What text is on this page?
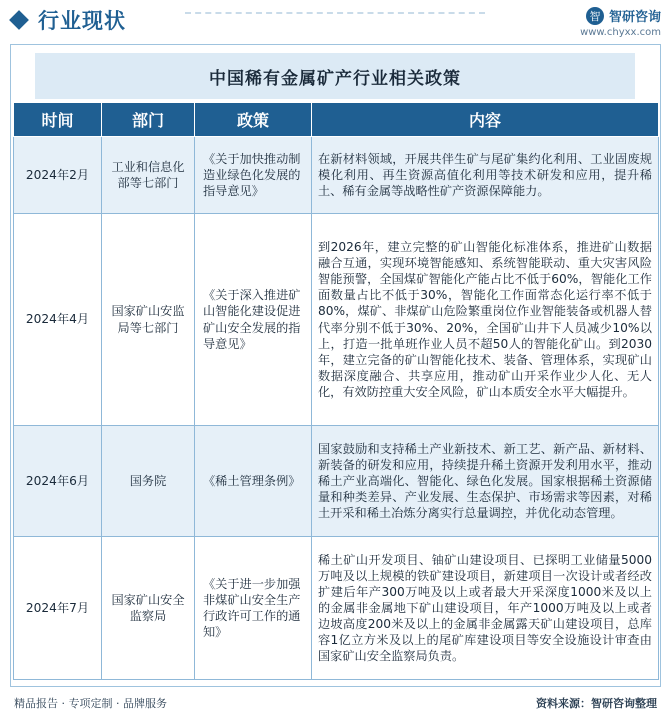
行业现状	智 智研咨询
www.chyxx.com
中国稀有金属矿产行业相关政策
时间	部门	政策	内容
2024年2月	工业和信息化部等七部门	《关于加快推动制造业绿色化发展的指导意见》	在新材料领域，开展共伴生矿与尾矿集约化利用、工业固废规模化利用、再生资源高值化利用等技术研发和应用，提升稀土、稀有金属等战略性矿产资源保障能力。
2024年4月	国家矿山安监局等七部门	《关于深入推进矿山智能化建设促进矿山安全发展的指导意见》	到2026年，建立完整的矿山智能化标准体系，推进矿山数据融合互通，实现环境智能感知、系统智能联动、重大灾害风险智能预警，全国煤矿智能化产能占比不低于60%，智能化工作面数量占比不低于30%，智能化工作面常态化运行率不低于80%，煤矿、非煤矿山危险繁重岗位作业智能装备或机器人替代率分别不低于30%、20%，全国矿山井下人员减少10%以上，打造一批单班作业人员不超50人的智能化矿山。到2030年，建立完备的矿山智能化技术、装备、管理体系，实现矿山数据深度融合、共享应用，推动矿山开采作业少人化、无人化，有效防控重大安全风险，矿山本质安全水平大幅提升。
2024年6月	国务院	《稀土管理条例》	国家鼓励和支持稀土产业新技术、新工艺、新产品、新材料、新装备的研发和应用，持续提升稀土资源开发利用水平，推动稀土产业高端化、智能化、绿色化发展。国家根据稀土资源储量和种类差异、产业发展、生态保护、市场需求等因素，对稀土开采和稀土冶炼分离实行总量调控，并优化动态管理。
2024年7月	国家矿山安全监察局	《关于进一步加强非煤矿山安全生产行政许可工作的通知》	稀土矿山开发项目、铀矿山建设项目、已探明工业储量5000万吨及以上规模的铁矿建设项目，新建项目一次设计或者经改扩建后年产300万吨及以上或者最大开采深度1000米及以上的金属非金属地下矿山建设项目，年产1000万吨及以上或者边坡高度200米及以上的金属非金属露天矿山建设项目，总库容1亿立方米及以上的尾矿库建设项目等安全设施设计审查由国家矿山安全监察局负责。
精品报告 · 专项定制 · 品牌服务	资料来源：智研咨询整理
